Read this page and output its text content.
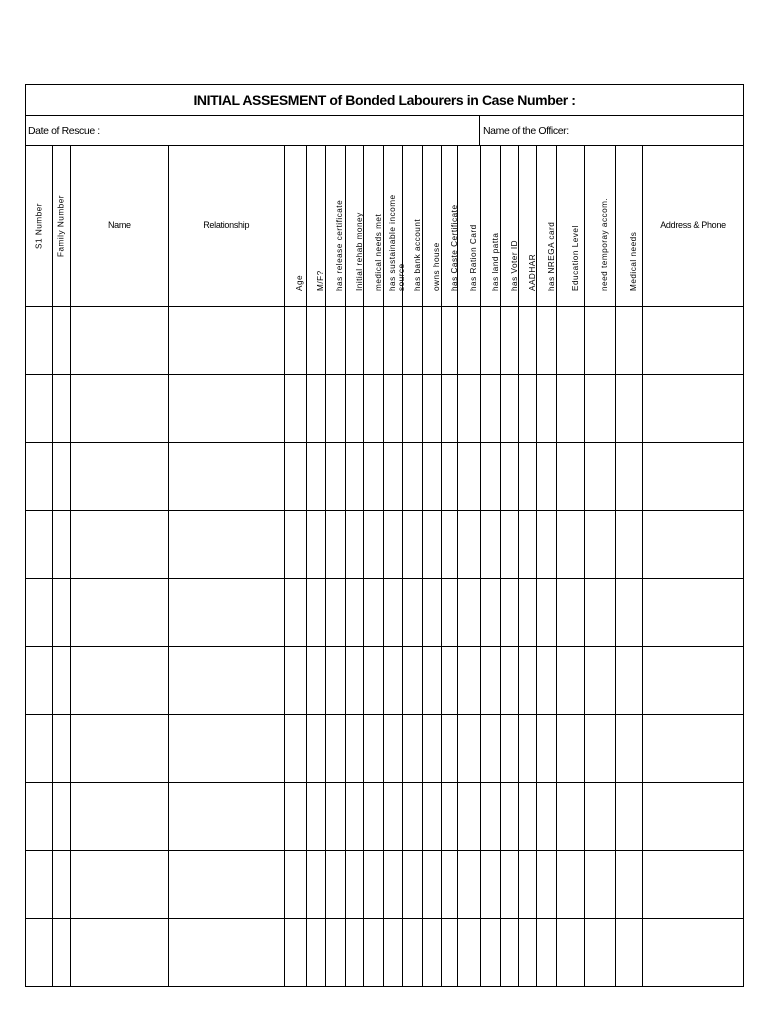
INITIAL ASSESMENT of Bonded Labourers in Case Number :
Date of Rescue :	Name of the Officer:
S1 Number	Family Number	Name	Relationship	Age	M/F?	has release certificate	Initial rehab money	medical needs met	has sustainable income source	has bank account	owns house	has Caste Certificate	has Ration Card	has land patta	has Voter ID	AADHAR	has NREGA card	Education Level	need temporay accom.	Medical needs	Address & Phone
